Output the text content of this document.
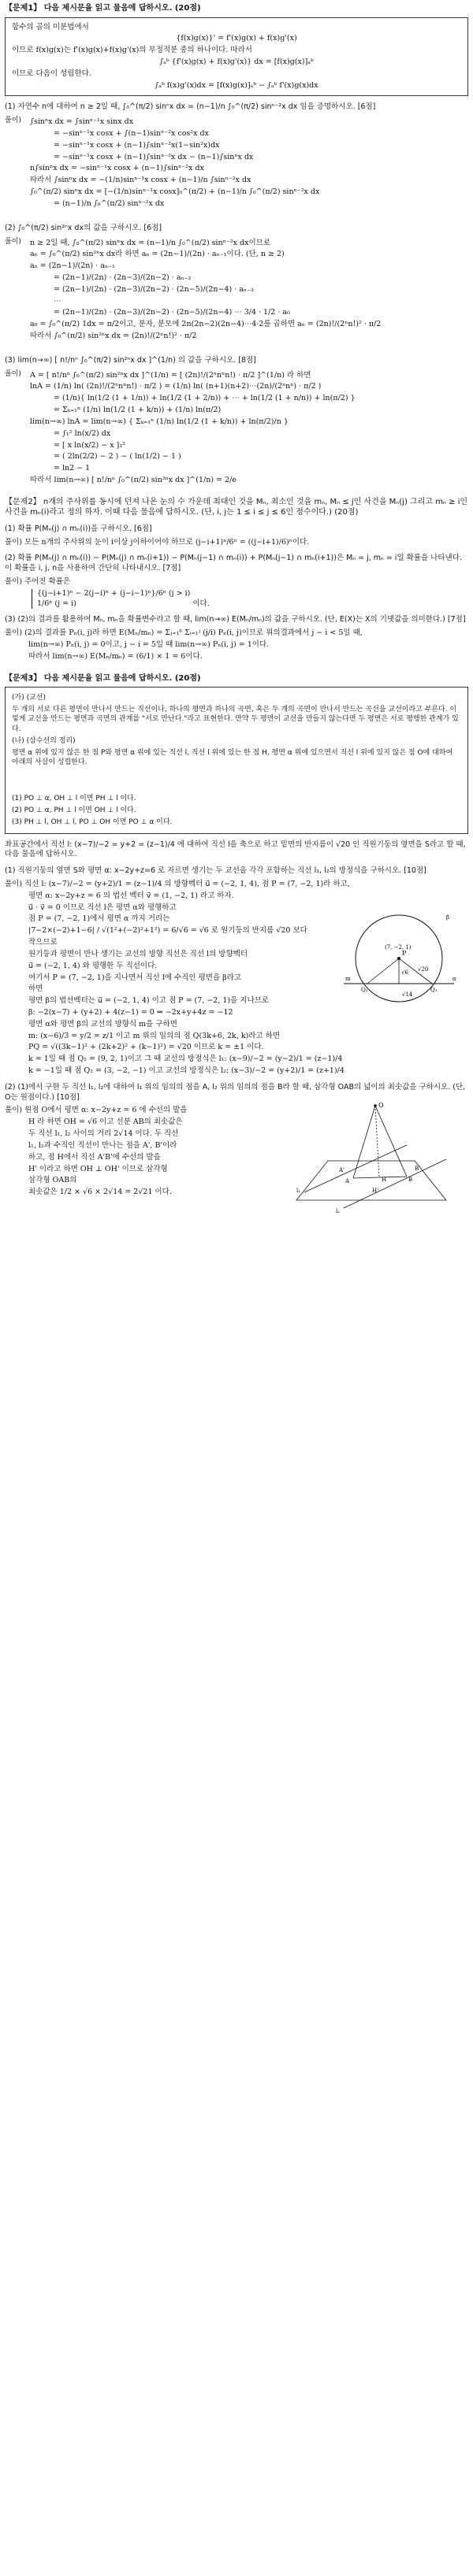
【문제1】 다음 제시문을 읽고 물음에 답하시오. (20점)

함수의 곱의 미분법에서

{f(x)g(x)}' = f'(x)g(x) + f(x)g'(x)

이므로 f(x)g(x)는 f'(x)g(x)+f(x)g'(x)의 부정적분 중의 하나이다. 따라서

∫ₐᵇ {f'(x)g(x) + f(x)g'(x)} dx = [f(x)g(x)]ₐᵇ

이므로 다음이 성립한다.

∫ₐᵇ f(x)g'(x)dx = [f(x)g(x)]ₐᵇ − ∫ₐᵇ f'(x)g(x)dx

(1) 자연수 n에 대하여 n ≥ 2일 때, ∫₀^(π/2) sinⁿx dx = (n−1)/n ∫₀^(π/2) sinⁿ⁻²x dx 임을 증명하시오. [6점]
풀이)	∫sinⁿx dx = ∫sinⁿ⁻¹x sinx dx
= −sinⁿ⁻¹x cosx + ∫(n−1)sinⁿ⁻²x cos²x dx
= −sinⁿ⁻¹x cosx + (n−1)∫sinⁿ⁻²x(1−sin²x)dx
= −sinⁿ⁻¹x cosx + (n−1)∫sinⁿ⁻²x dx − (n−1)∫sinⁿx dx
n∫sinⁿx dx = −sinⁿ⁻¹x cosx + (n−1)∫sinⁿ⁻²x dx
따라서 ∫sinⁿx dx = −(1/n)sinⁿ⁻¹x cosx + (n−1)/n ∫sinⁿ⁻²x dx
∫₀^(π/2) sinⁿx dx = [−(1/n)sinⁿ⁻¹x cosx]₀^(π/2) + (n−1)/n ∫₀^(π/2) sinⁿ⁻²x dx
= (n−1)/n ∫₀^(π/2) sinⁿ⁻²x dx
(2) ∫₀^(π/2) sin²ⁿx dx의 값을 구하시오. [6점]
풀이)	n ≥ 2일 때, ∫₀^(π/2) sinⁿx dx = (n−1)/n ∫₀^(π/2) sinⁿ⁻²x dx이므로
aₙ = ∫₀^(π/2) sin²ⁿx dx라 하면 aₙ = (2n−1)/(2n) · aₙ₋₁이다. (단, n ≥ 2)
aₙ = (2n−1)/(2n) · aₙ₋₁
= (2n−1)/(2n) · (2n−3)/(2n−2) · aₙ₋₂
= (2n−1)/(2n) · (2n−3)/(2n−2) · (2n−5)/(2n−4) · aₙ₋₃
⋯
= (2n−1)/(2n) · (2n−3)/(2n−2) · (2n−5)/(2n−4) ⋯ 3/4 · 1/2 · a₀
a₀ = ∫₀^(π/2) 1dx = π/2이고, 분자, 분모에 2n(2n−2)(2n−4)⋯4·2를 곱하면 aₙ = (2n)!/(2ⁿn!)² · π/2
따라서 ∫₀^(π/2) sin²ⁿx dx = (2n)!/(2ⁿn!)² · π/2
(3) lim(n→∞) [ n!/nⁿ ∫₀^(π/2) sin²ⁿx dx ]^(1/n) 의 값을 구하시오. [8점]
풀이)	A = [ n!/nⁿ ∫₀^(π/2) sin²ⁿx dx ]^(1/n) = [ (2n)!/(2ⁿnⁿn!) · π/2 ]^(1/n) 라 하면
lnA = (1/n) ln( (2n)!/(2ⁿnⁿn!) · π/2 ) = (1/n) ln( (n+1)(n+2)⋯(2n)/(2ⁿnⁿ) · π/2 )
= (1/n){ ln(1/2 (1 + 1/n)) + ln(1/2 (1 + 2/n)) + ⋯ + ln(1/2 (1 + n/n)) + ln(π/2) }
= Σₖ₌₁ⁿ (1/n) ln(1/2 (1 + k/n)) + (1/n) ln(π/2)
lim(n→∞) lnA = lim(n→∞) { Σₖ₌₁ⁿ (1/n) ln(1/2 (1 + k/n)) + ln(π/2)/n }
= ∫₁² ln(x/2) dx
= [ x ln(x/2) − x ]₁²
= ( 2ln(2/2) − 2 ) − ( ln(1/2) − 1 )
= ln2 − 1
따라서 lim(n→∞) [ n!/nⁿ ∫₀^(π/2) sin²ⁿx dx ]^(1/n) = 2/e
【문제2】 n개의 주사위를 동시에 던져 나온 눈의 수 가운데 최대인 것을 Mₙ, 최소인 것을 mₙ, Mₙ ≤ j인 사건을 Mₙ(j) 그리고 mₙ ≥ i인 사건을 mₙ(i)라고 정의 하자. 이때 다음 물음에 답하시오. (단, i, j는 1 ≤ i ≤ j ≤ 6인 정수이다.) (20점)
(1) 확률 P(Mₙ(j) ∩ mₙ(i))을 구하시오. [6점]
풀이) 모든 n개의 주사위의 눈이 i이상 j이하이어야 하므로 (j−i+1)ⁿ/6ⁿ = ((j−i+1)/6)ⁿ이다.
(2) 확률 P(Mₙ(j) ∩ mₙ(i)) − P(Mₙ(j) ∩ mₙ(i+1)) − P(Mₙ(j−1) ∩ mₙ(i)) + P(Mₙ(j−1) ∩ mₙ(i+1))은 Mₙ = j, mₙ = i일 확률을 나타낸다. 이 확률을 i, j, n을 사용하여 간단히 나타내시오. [7점]
풀이) 주어진 확률은
{(j−i+1)ⁿ − 2(j−i)ⁿ + (j−i−1)ⁿ}/6ⁿ (j > i)
1/6ⁿ (j = i)	이다.
(3) (2)의 결과를 활용하여 Mₙ, mₙ을 확률변수라고 할 때, lim(n→∞) E(Mₙ/mₙ)의 값을 구하시오. (단, E(X)는 X의 기댓값을 의미한다.) [7점]
풀이) (2)의 결과를 Pₙ(i, j)라 하면 E(Mₙ/mₙ) = Σⱼ₌₁⁶ Σᵢ₌₁ʲ (j/i) Pₙ(i, j)이므로 위의결과에서 j − i < 5일 때,
lim(n→∞) Pₙ(i, j) = 0이고, j − i = 5일 때 lim(n→∞) Pₙ(i, j) = 1이다.
따라서 lim(n→∞) E(Mₙ/mₙ) = (6/1) × 1 = 6이다.
【문제3】 다음 제시문을 읽고 물음에 답하시오. (20점)

(가) (교선)

두 개의 서로 다른 평면이 만나서 만드는 직선이나, 하나의 평면과 하나의 곡면, 혹은 두 개의 곡면이 만나서 만드는 곡선을 교선이라고 부른다. 이렇게 교선을 만드는 평면과 곡면의 관계를 "서로 만난다."라고 표현한다. 만약 두 평면이 교선을 만들지 않는다면 두 평면은 서로 평행한 관계가 있다.

(나) (삼수선의 정리)

평면 α 위에 있지 않은 한 점 P와 평면 α 위에 있는 직선 l, 직선 l 위에 있는 한 점 H, 평면 α 위에 있으면서 직선 l 위에 있지 않은 점 O에 대하여 아래의 사실이 성립한다.

(1) PO ⊥ α, OH ⊥ l 이면 PH ⊥ l 이다.

(2) PO ⊥ α, PH ⊥ l 이면 OH ⊥ l 이다.

(3) PH ⊥ l, OH ⊥ l, PO ⊥ OH 이면 PO ⊥ α 이다.

좌표공간에서 직선 l: (x−7)/−2 = y+2 = (z−1)/4 에 대하여 직선 l을 축으로 하고 밑면의 반지름이 √20 인 직원기둥의 옆면을 S라고 할 때, 다음 물음에 답하시오.
(1) 직원기둥의 옆면 S와 평면 α: x−2y+z=6 로 자르면 생기는 두 교선을 각각 포함하는 직선 l₁, l₂의 방정식을 구하시오. [10점]
풀이) 직선 l: (x−7)/−2 = (y+2)/1 = (z−1)/4 의 방향벡터 u⃗ = (−2, 1, 4), 점 P = (7, −2, 1)라 하고,
평면 α: x−2y+z = 6 의 법선 벡터 v⃗ = (1, −2, 1) 라고 하자.
u⃗ · v⃗ = 0 이므로 직선 l은 평면 α와 평행하고
점 P = (7, −2, 1)에서 평면 α 까지 거리는
|7−2×(−2)+1−6| / √(1²+(−2)²+1²) = 6/√6 = √6 로 원기둥의 반지름 √20 보다
작으므로
원기둥과 평면이 만나 생기는 교선의 방향 직선은 직선 l의 방향벡터
u⃗ = (−2, 1, 4) 와 평행한 두 직선이다.
여기서 P = (7, −2, 1)을 지나면서 직선 l에 수직인 평면을 β라고
하면
평면 β의 법선벡터는 u⃗ = (−2, 1, 4) 이고 점 P = (7, −2, 1)을 지나므로
β: −2(x−7) + (y+2) + 4(z−1) = 0 ⇔ −2x+y+4z = −12
평면 α와 평면 β의 교선의 방향식 m을 구하면
m: (x−6)/3 = y/2 = z/1 이고 m 위의 임의의 점 Q(3k+6, 2k, k)라고 하면
PQ = √((3k−1)² + (2k+2)² + (k−1)²) = √20 이므로 k = ±1 이다.
k = 1일 때 점 Q₁ = (9, 2, 1)이고 그 때 교선의 방정식은 l₁: (x−9)/−2 = (y−2)/1 = (z−1)/4
k = −1일 때 점 Q₂ = (3, −2, −1) 이고 교선의 방정식은 l₂: (x−3)/−2 = (y+2)/1 = (z+1)/4
P
(7, −2, 1)
√6 √20
Q₁
Q₂
α
β
m
√14
(2) (1)에서 구한 두 직선 l₁, l₂에 대하여 l₁ 위의 임의의 점을 A, l₂ 위의 임의의 점을 B라 할 때, 삼각형 OAB의 넓이의 최솟값을 구하시오. (단, O는 원점이다.) [10점]
풀이) 원점 O에서 평면 α: x−2y+z = 6 에 수선의 발을
H 라 하면 OH = √6 이고 선분 AB의 최솟값은
두 직선 l₁, l₂ 사이의 거리 2√14 이다. 두 직선
l₁, l₂과 수직인 직선이 만나는 점을 A', B'이라
하고, 점 H에서 직선 A'B'에 수선의 발을
H' 이라고 하면 OH ⊥ OH' 이므로 삼각형
삼각형 OAB의
최솟값은 1/2 × √6 × 2√14 = 2√21 이다.
O
H
A	B
A'	B'
H'
l₁
l₂
